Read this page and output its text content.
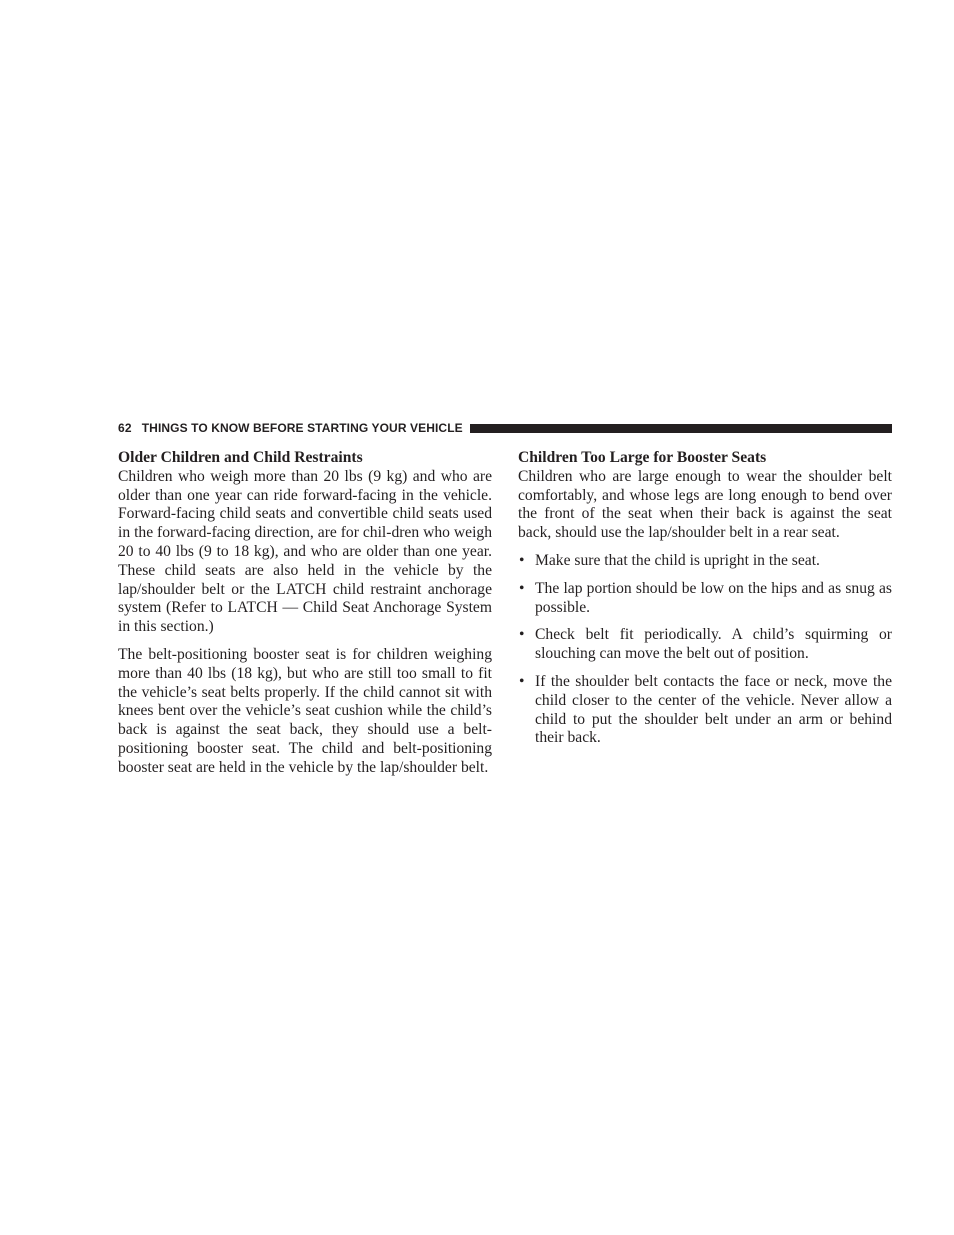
62 THINGS TO KNOW BEFORE STARTING YOUR VEHICLE
Older Children and Child Restraints

Children who weigh more than 20 lbs (9 kg) and who are older than one year can ride forward-facing in the vehicle. Forward-facing child seats and convertible child seats used in the forward-facing direction, are for chil-dren who weigh 20 to 40 lbs (9 to 18 kg), and who are older than one year. These child seats are also held in the vehicle by the lap/shoulder belt or the LATCH child restraint anchorage system (Refer to LATCH — Child Seat Anchorage System in this section.)

The belt-positioning booster seat is for children weighing more than 40 lbs (18 kg), but who are still too small to fit the vehicle’s seat belts properly. If the child cannot sit with knees bent over the vehicle’s seat cushion while the child’s back is against the seat back, they should use a belt-positioning booster seat. The child and belt-positioning booster seat are held in the vehicle by the lap/shoulder belt.

Children Too Large for Booster Seats

Children who are large enough to wear the shoulder belt comfortably, and whose legs are long enough to bend over the front of the seat when their back is against the seat back, should use the lap/shoulder belt in a rear seat.

• Make sure that the child is upright in the seat.
• The lap portion should be low on the hips and as snug as possible.
• Check belt fit periodically. A child’s squirming or slouching can move the belt out of position.
• If the shoulder belt contacts the face or neck, move the child closer to the center of the vehicle. Never allow a child to put the shoulder belt under an arm or behind their back.
